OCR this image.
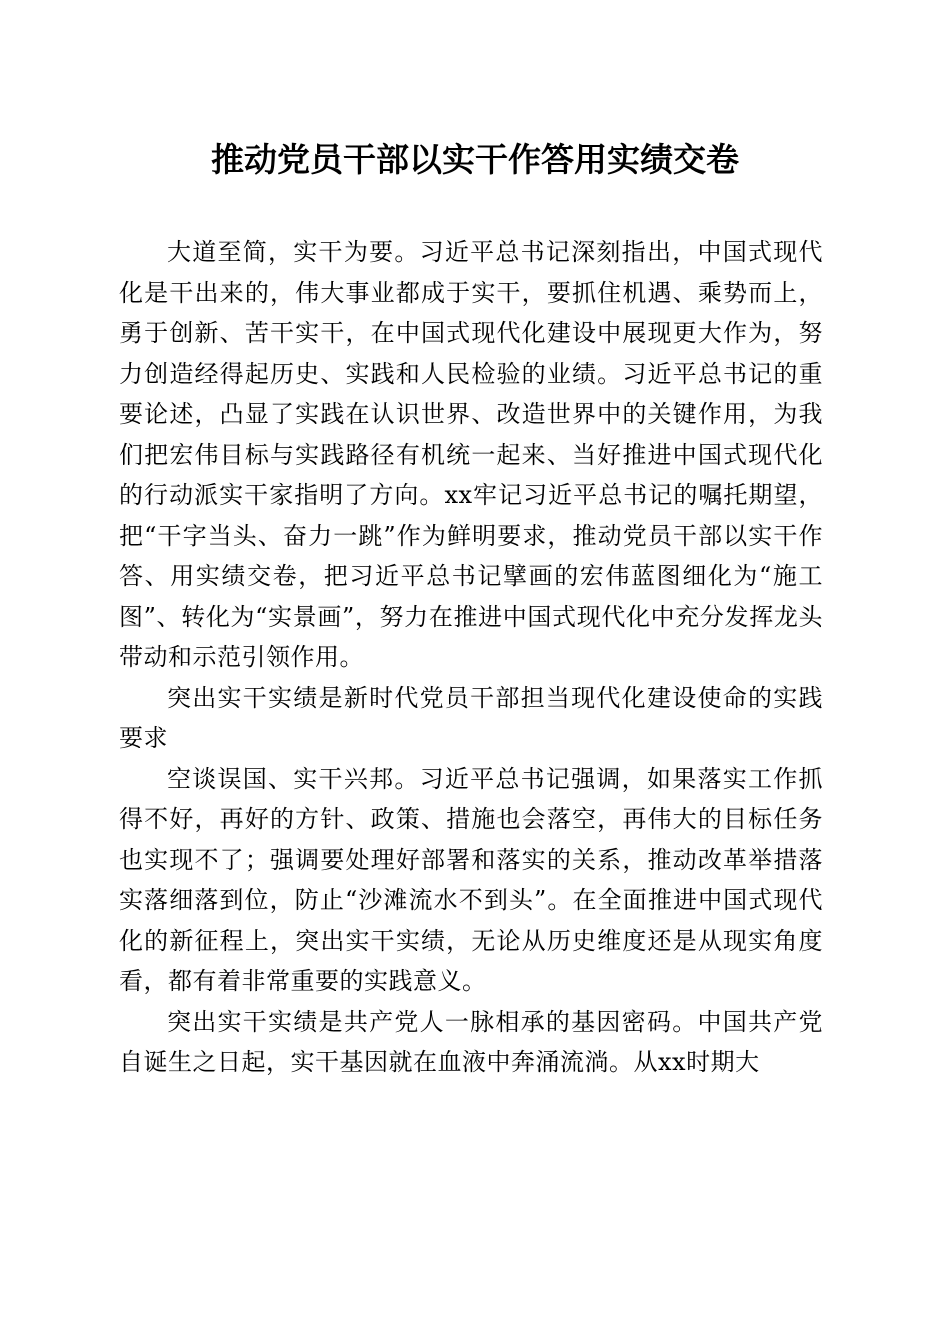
推动党员干部以实干作答用实绩交卷

大道至简，实干为要。习近平总书记深刻指出，中国式现代化是干出来的，伟大事业都成于实干，要抓住机遇、乘势而上，勇于创新、苦干实干，在中国式现代化建设中展现更大作为，努力创造经得起历史、实践和人民检验的业绩。习近平总书记的重要论述，凸显了实践在认识世界、改造世界中的关键作用，为我们把宏伟目标与实践路径有机统一起来、当好推进中国式现代化的行动派实干家指明了方向。xx牢记习近平总书记的嘱托期望，把“干字当头、奋力一跳”作为鲜明要求，推动党员干部以实干作答、用实绩交卷，把习近平总书记擘画的宏伟蓝图细化为“施工图”、转化为“实景画”，努力在推进中国式现代化中充分发挥龙头带动和示范引领作用。

突出实干实绩是新时代党员干部担当现代化建设使命的实践要求

空谈误国、实干兴邦。习近平总书记强调，如果落实工作抓得不好，再好的方针、政策、措施也会落空，再伟大的目标任务也实现不了；强调要处理好部署和落实的关系，推动改革举措落实落细落到位，防止“沙滩流水不到头”。在全面推进中国式现代化的新征程上，突出实干实绩，无论从历史维度还是从现实角度看，都有着非常重要的实践意义。

突出实干实绩是共产党人一脉相承的基因密码。中国共产党自诞生之日起，实干基因就在血液中奔涌流淌。从xx时期大
